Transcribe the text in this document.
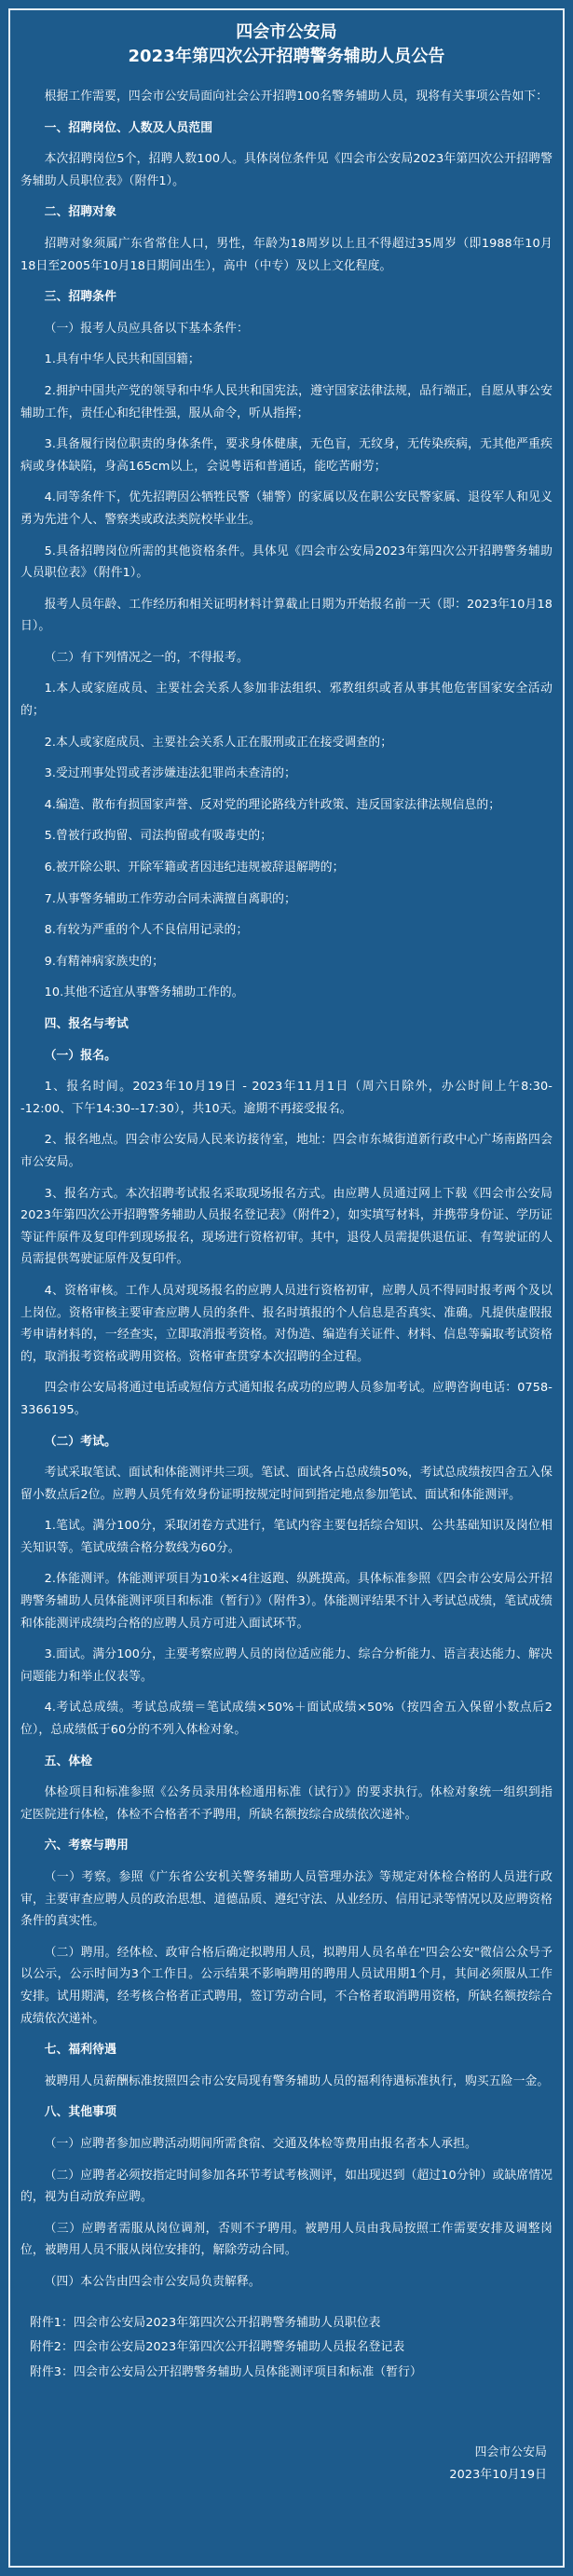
四会市公安局
2023年第四次公开招聘警务辅助人员公告
根据工作需要，四会市公安局面向社会公开招聘100名警务辅助人员，现将有关事项公告如下：
一、招聘岗位、人数及人员范围
本次招聘岗位5个，招聘人数100人。具体岗位条件见《四会市公安局2023年第四次公开招聘警务辅助人员职位表》（附件1）。
二、招聘对象
招聘对象须属广东省常住人口，男性，年龄为18周岁以上且不得超过35周岁（即1988年10月18日至2005年10月18日期间出生），高中（中专）及以上文化程度。
三、招聘条件
（一）报考人员应具备以下基本条件：
1.具有中华人民共和国国籍；
2.拥护中国共产党的领导和中华人民共和国宪法，遵守国家法律法规，品行端正，自愿从事公安辅助工作，责任心和纪律性强，服从命令，听从指挥；
3.具备履行岗位职责的身体条件，要求身体健康，无色盲，无纹身，无传染疾病，无其他严重疾病或身体缺陷，身高165cm以上，会说粤语和普通话，能吃苦耐劳；
4.同等条件下，优先招聘因公牺牲民警（辅警）的家属以及在职公安民警家属、退役军人和见义勇为先进个人、警察类或政法类院校毕业生。
5.具备招聘岗位所需的其他资格条件。具体见《四会市公安局2023年第四次公开招聘警务辅助人员职位表》（附件1）。
报考人员年龄、工作经历和相关证明材料计算截止日期为开始报名前一天（即：2023年10月18日）。
（二）有下列情况之一的，不得报考。
1.本人或家庭成员、主要社会关系人参加非法组织、邪教组织或者从事其他危害国家安全活动的；
2.本人或家庭成员、主要社会关系人正在服刑或正在接受调查的；
3.受过刑事处罚或者涉嫌违法犯罪尚未查清的；
4.编造、散布有损国家声誉、反对党的理论路线方针政策、违反国家法律法规信息的；
5.曾被行政拘留、司法拘留或有吸毒史的；
6.被开除公职、开除军籍或者因违纪违规被辞退解聘的；
7.从事警务辅助工作劳动合同未满擅自离职的；
8.有较为严重的个人不良信用记录的；
9.有精神病家族史的；
10.其他不适宜从事警务辅助工作的。
四、报名与考试
（一）报名。
1、报名时间。2023年10月19日 - 2023年11月1日（周六日除外，办公时间上午8:30--12:00、下午14:30--17:30），共10天。逾期不再接受报名。
2、报名地点。四会市公安局人民来访接待室，地址：四会市东城街道新行政中心广场南路四会市公安局。
3、报名方式。本次招聘考试报名采取现场报名方式。由应聘人员通过网上下载《四会市公安局2023年第四次公开招聘警务辅助人员报名登记表》（附件2），如实填写材料，并携带身份证、学历证等证件原件及复印件到现场报名，现场进行资格初审。其中，退役人员需提供退伍证、有驾驶证的人员需提供驾驶证原件及复印件。
4、资格审核。工作人员对现场报名的应聘人员进行资格初审，应聘人员不得同时报考两个及以上岗位。资格审核主要审查应聘人员的条件、报名时填报的个人信息是否真实、准确。凡提供虚假报考申请材料的，一经查实，立即取消报考资格。对伪造、编造有关证件、材料、信息等骗取考试资格的，取消报考资格或聘用资格。资格审查贯穿本次招聘的全过程。
四会市公安局将通过电话或短信方式通知报名成功的应聘人员参加考试。应聘咨询电话：0758-3366195。
（二）考试。
考试采取笔试、面试和体能测评共三项。笔试、面试各占总成绩50%，考试总成绩按四舍五入保留小数点后2位。应聘人员凭有效身份证明按规定时间到指定地点参加笔试、面试和体能测评。
1.笔试。满分100分，采取闭卷方式进行，笔试内容主要包括综合知识、公共基础知识及岗位相关知识等。笔试成绩合格分数线为60分。
2.体能测评。体能测评项目为10米×4往返跑、纵跳摸高。具体标准参照《四会市公安局公开招聘警务辅助人员体能测评项目和标准（暂行）》（附件3）。体能测评结果不计入考试总成绩，笔试成绩和体能测评成绩均合格的应聘人员方可进入面试环节。
3.面试。满分100分，主要考察应聘人员的岗位适应能力、综合分析能力、语言表达能力、解决问题能力和举止仪表等。
4.考试总成绩。考试总成绩＝笔试成绩×50%＋面试成绩×50%（按四舍五入保留小数点后2位），总成绩低于60分的不列入体检对象。
五、体检
体检项目和标准参照《公务员录用体检通用标准（试行）》的要求执行。体检对象统一组织到指定医院进行体检，体检不合格者不予聘用，所缺名额按综合成绩依次递补。
六、考察与聘用
（一）考察。参照《广东省公安机关警务辅助人员管理办法》等规定对体检合格的人员进行政审，主要审查应聘人员的政治思想、道德品质、遵纪守法、从业经历、信用记录等情况以及应聘资格条件的真实性。
（二）聘用。经体检、政审合格后确定拟聘用人员，拟聘用人员名单在"四会公安"微信公众号予以公示，公示时间为3个工作日。公示结果不影响聘用的聘用人员试用期1个月，其间必须服从工作安排。试用期满，经考核合格者正式聘用，签订劳动合同，不合格者取消聘用资格，所缺名额按综合成绩依次递补。
七、福利待遇
被聘用人员薪酬标准按照四会市公安局现有警务辅助人员的福利待遇标准执行，购买五险一金。
八、其他事项
（一）应聘者参加应聘活动期间所需食宿、交通及体检等费用由报名者本人承担。
（二）应聘者必须按指定时间参加各环节考试考核测评，如出现迟到（超过10分钟）或缺席情况的，视为自动放弃应聘。
（三）应聘者需服从岗位调剂，否则不予聘用。被聘用人员由我局按照工作需要安排及调整岗位，被聘用人员不服从岗位安排的，解除劳动合同。
（四）本公告由四会市公安局负责解释。
附件1：四会市公安局2023年第四次公开招聘警务辅助人员职位表
附件2：四会市公安局2023年第四次公开招聘警务辅助人员报名登记表
附件3：四会市公安局公开招聘警务辅助人员体能测评项目和标准（暂行）
四会市公安局
2023年10月19日
